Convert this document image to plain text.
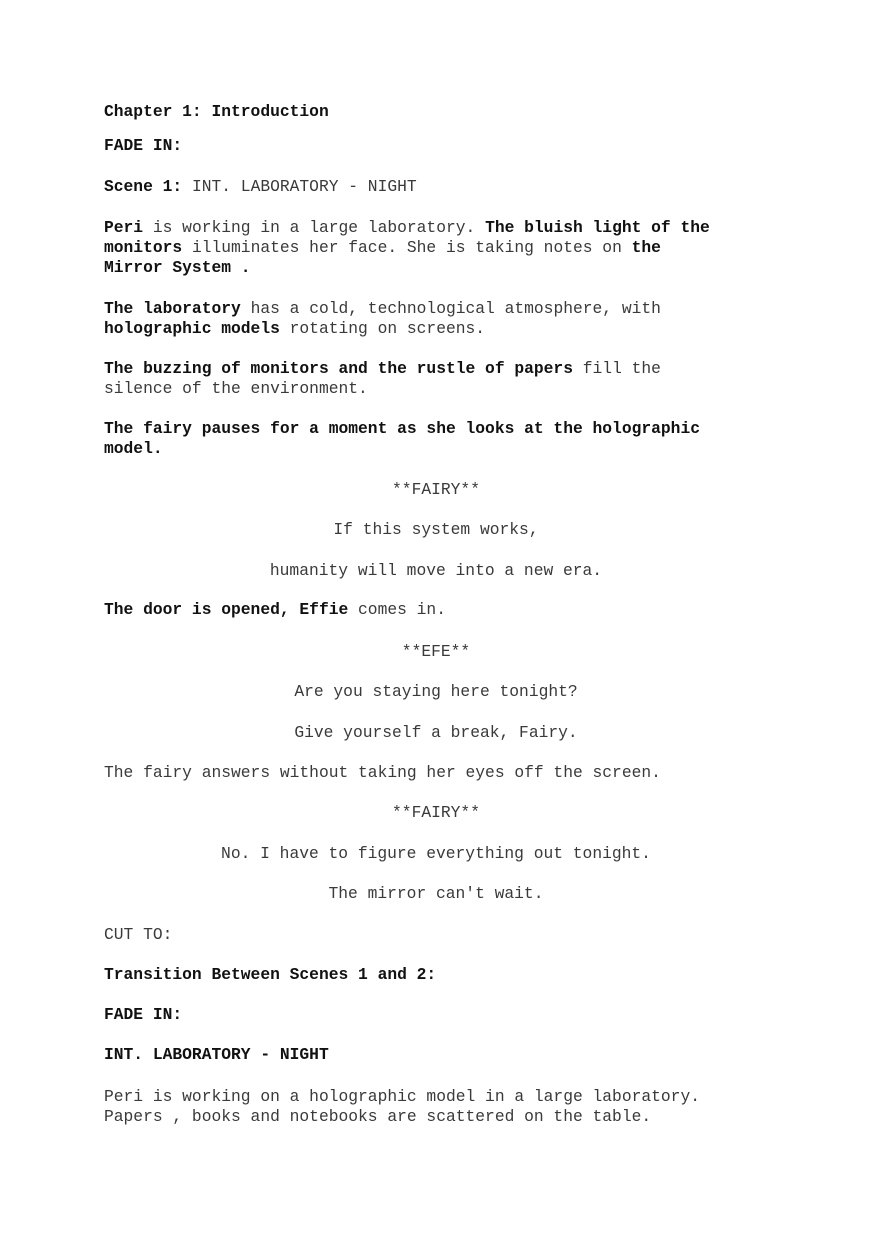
Chapter 1: Introduction

FADE IN:

Scene 1: INT. LABORATORY - NIGHT

Peri is working in a large laboratory. The bluish light of the

monitors illuminates her face. She is taking notes on the

Mirror System .

The laboratory has a cold, technological atmosphere, with

holographic models rotating on screens.

The buzzing of monitors and the rustle of papers fill the

silence of the environment.

The fairy pauses for a moment as she looks at the holographic

model.

**FAIRY**

If this system works,

humanity will move into a new era.

The door is opened, Effie comes in.

**EFE**

Are you staying here tonight?

Give yourself a break, Fairy.

The fairy answers without taking her eyes off the screen.

**FAIRY**

No. I have to figure everything out tonight.

The mirror can't wait.

CUT TO:

Transition Between Scenes 1 and 2:

FADE IN:

INT. LABORATORY - NIGHT

Peri is working on a holographic model in a large laboratory.

Papers , books and notebooks are scattered on the table.
